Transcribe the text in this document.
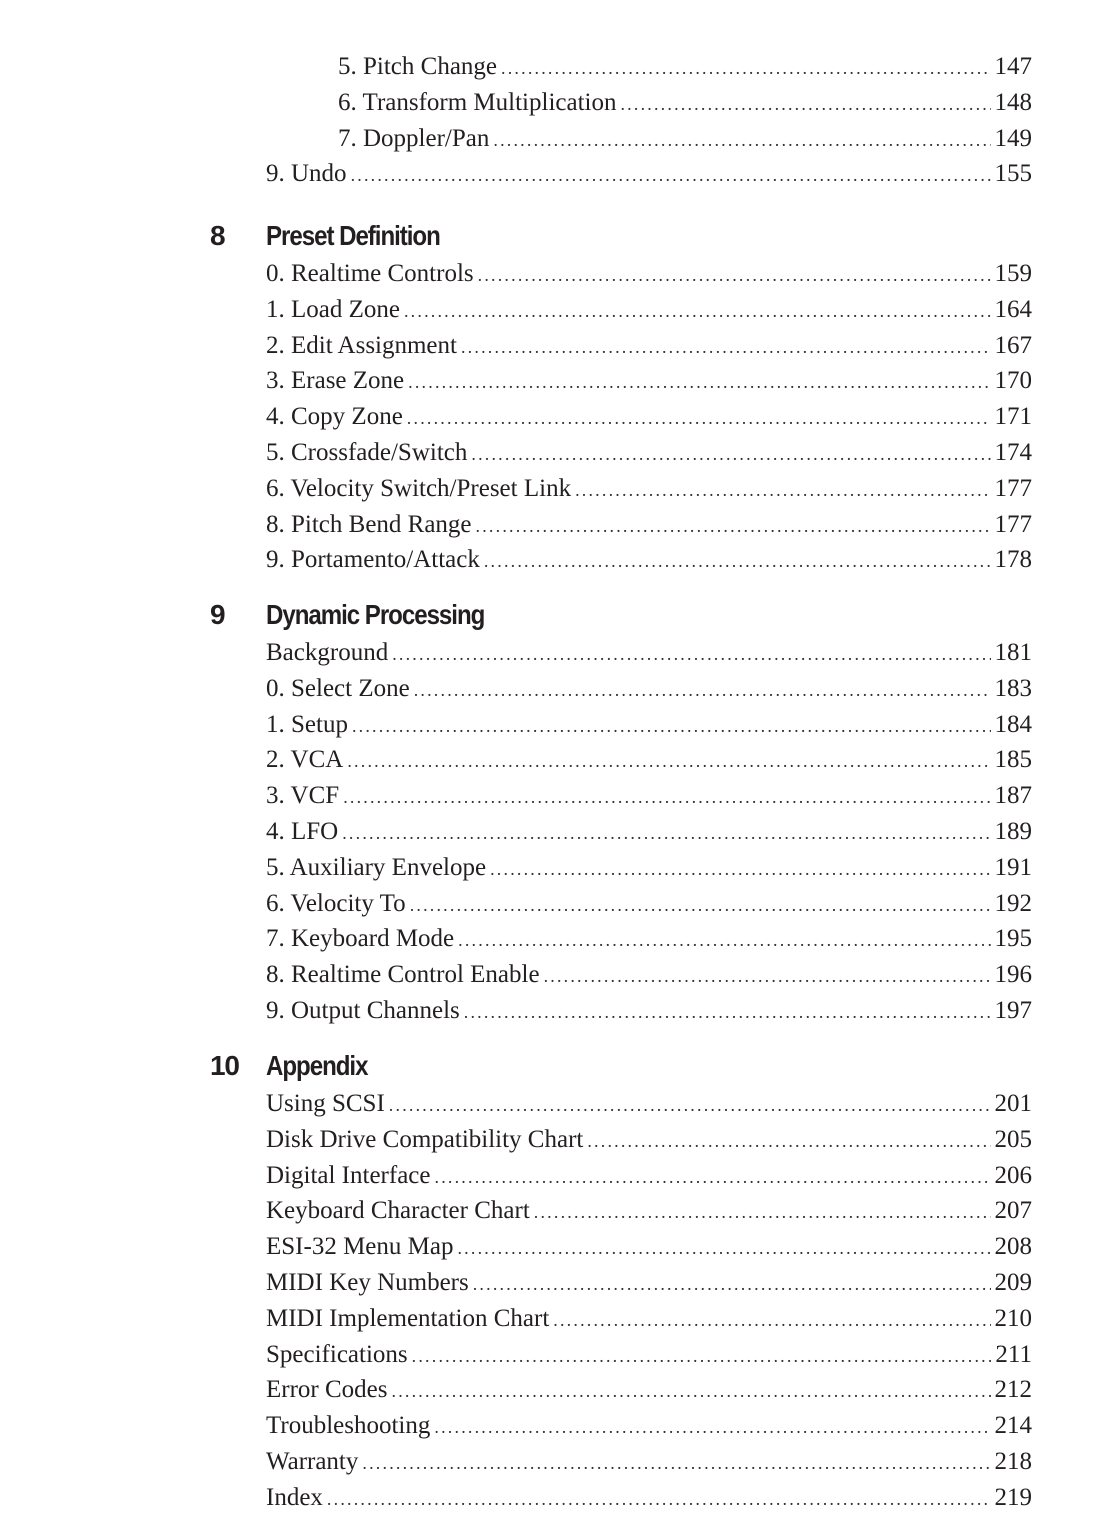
5. Pitch Change .....	147
6. Transform Multiplication .....	148
7. Doppler/Pan .....	149
9. Undo .....	155
8 Preset Definition
0. Realtime Controls .....	159
1. Load Zone .....	164
2. Edit Assignment .....	167
3. Erase Zone .....	170
4. Copy Zone .....	171
5. Crossfade/Switch .....	174
6. Velocity Switch/Preset Link .....	177
8. Pitch Bend Range .....	177
9. Portamento/Attack .....	178
9 Dynamic Processing
Background .....	181
0. Select Zone .....	183
1. Setup .....	184
2. VCA .....	185
3. VCF .....	187
4. LFO .....	189
5. Auxiliary Envelope .....	191
6. Velocity To .....	192
7. Keyboard Mode .....	195
8. Realtime Control Enable .....	196
9. Output Channels .....	197
10 Appendix
Using SCSI .....	201
Disk Drive Compatibility Chart .....	205
Digital Interface .....	206
Keyboard Character Chart .....	207
ESI-32 Menu Map .....	208
MIDI Key Numbers .....	209
MIDI Implementation Chart .....	210
Specifications .....	211
Error Codes .....	212
Troubleshooting .....	214
Warranty .....	218
Index .....	219
